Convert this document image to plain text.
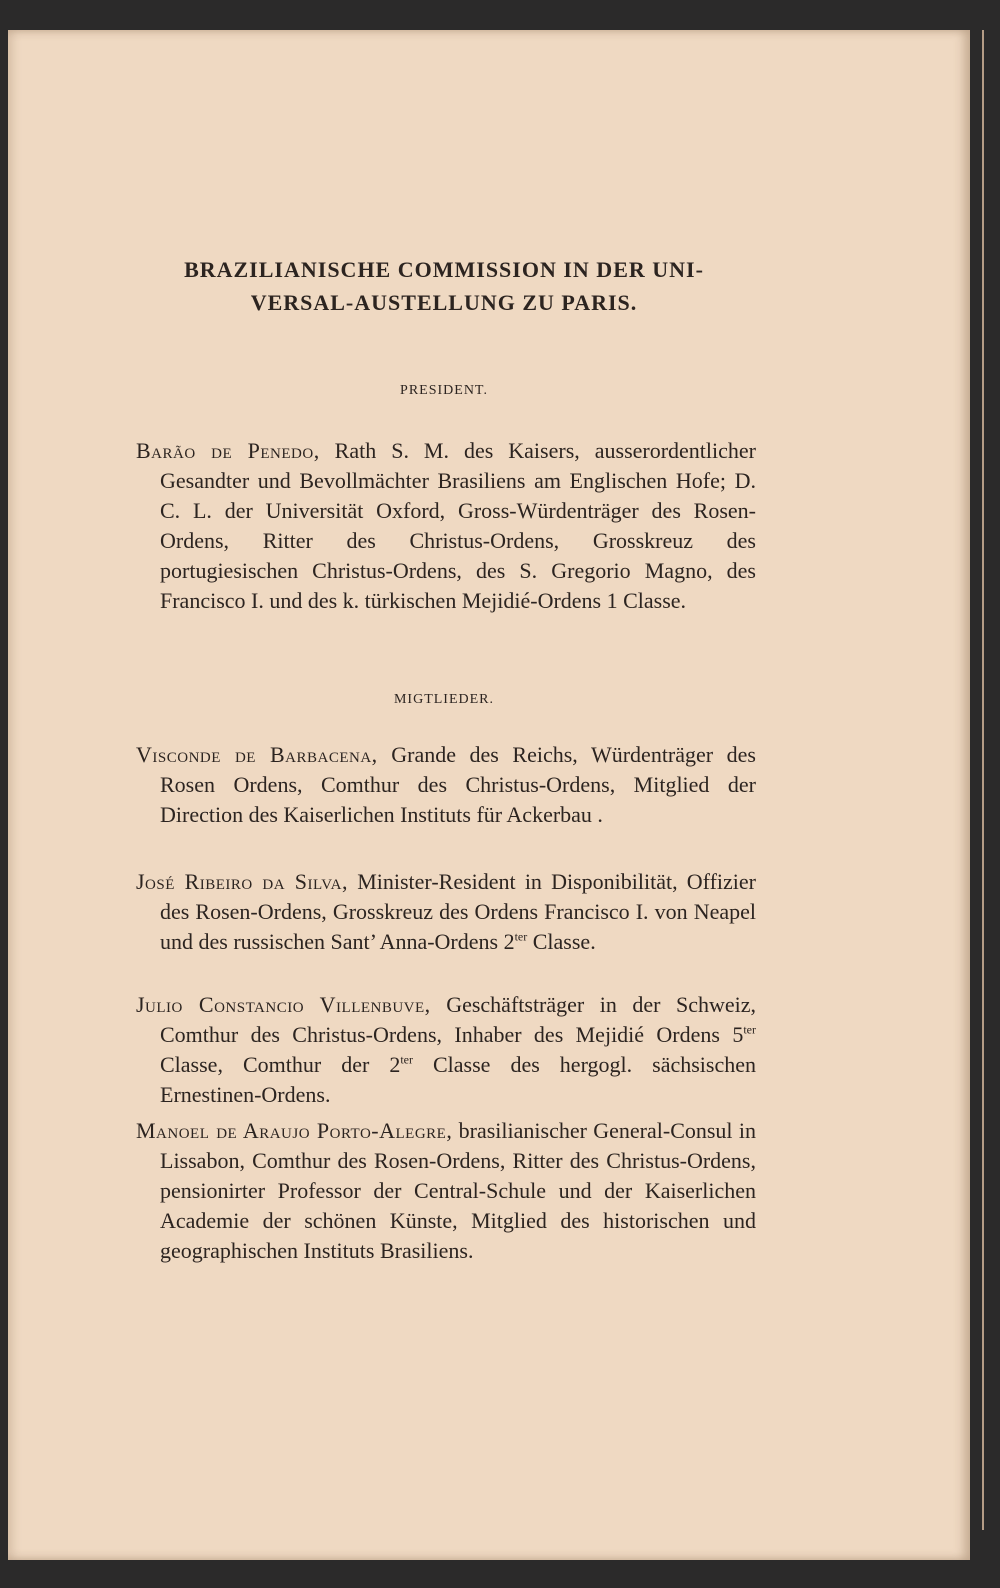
BRAZILIANISCHE COMMISSION IN DER UNI-
VERSAL-AUSTELLUNG ZU PARIS.
PRESIDENT.
Barão de Penedo, Rath S. M. des Kaisers, ausserordentlicher Gesandter und Bevollmächter Brasiliens am Englischen Hofe; D. C. L. der Universität Oxford, Gross-Würdenträger des Rosen-Ordens, Ritter des Christus-Ordens, Grosskreuz des portugiesischen Christus-Ordens, des S. Gregorio Magno, des Francisco I. und des k. türkischen Mejidié-Ordens 1 Classe.
MIGTLIEDER.
Visconde de Barbacena, Grande des Reichs, Würdenträger des Rosen Ordens, Comthur des Christus-Ordens, Mitglied der Direction des Kaiserlichen Instituts für Ackerbau .
José Ribeiro da Silva, Minister-Resident in Disponibilität, Offizier des Rosen-Ordens, Grosskreuz des Ordens Francisco I. von Neapel und des russischen Sant’ Anna-Ordens $2^{ter}$ Classe.
Julio Constancio Villenbuve, Geschäftsträger in der Schweiz, Comthur des Christus-Ordens, Inhaber des Mejidié Ordens $5^{ter}$ Classe, Comthur der $2^{ter}$ Classe des hergogl. sächsischen Ernestinen-Ordens.
Manoel de Araujo Porto-Alegre, brasilianischer General-Consul in Lissabon, Comthur des Rosen-Ordens, Ritter des Christus-Ordens, pensionirter Professor der Central-Schule und der Kaiserlichen Academie der schönen Künste, Mitglied des historischen und geographischen Instituts Brasiliens.
